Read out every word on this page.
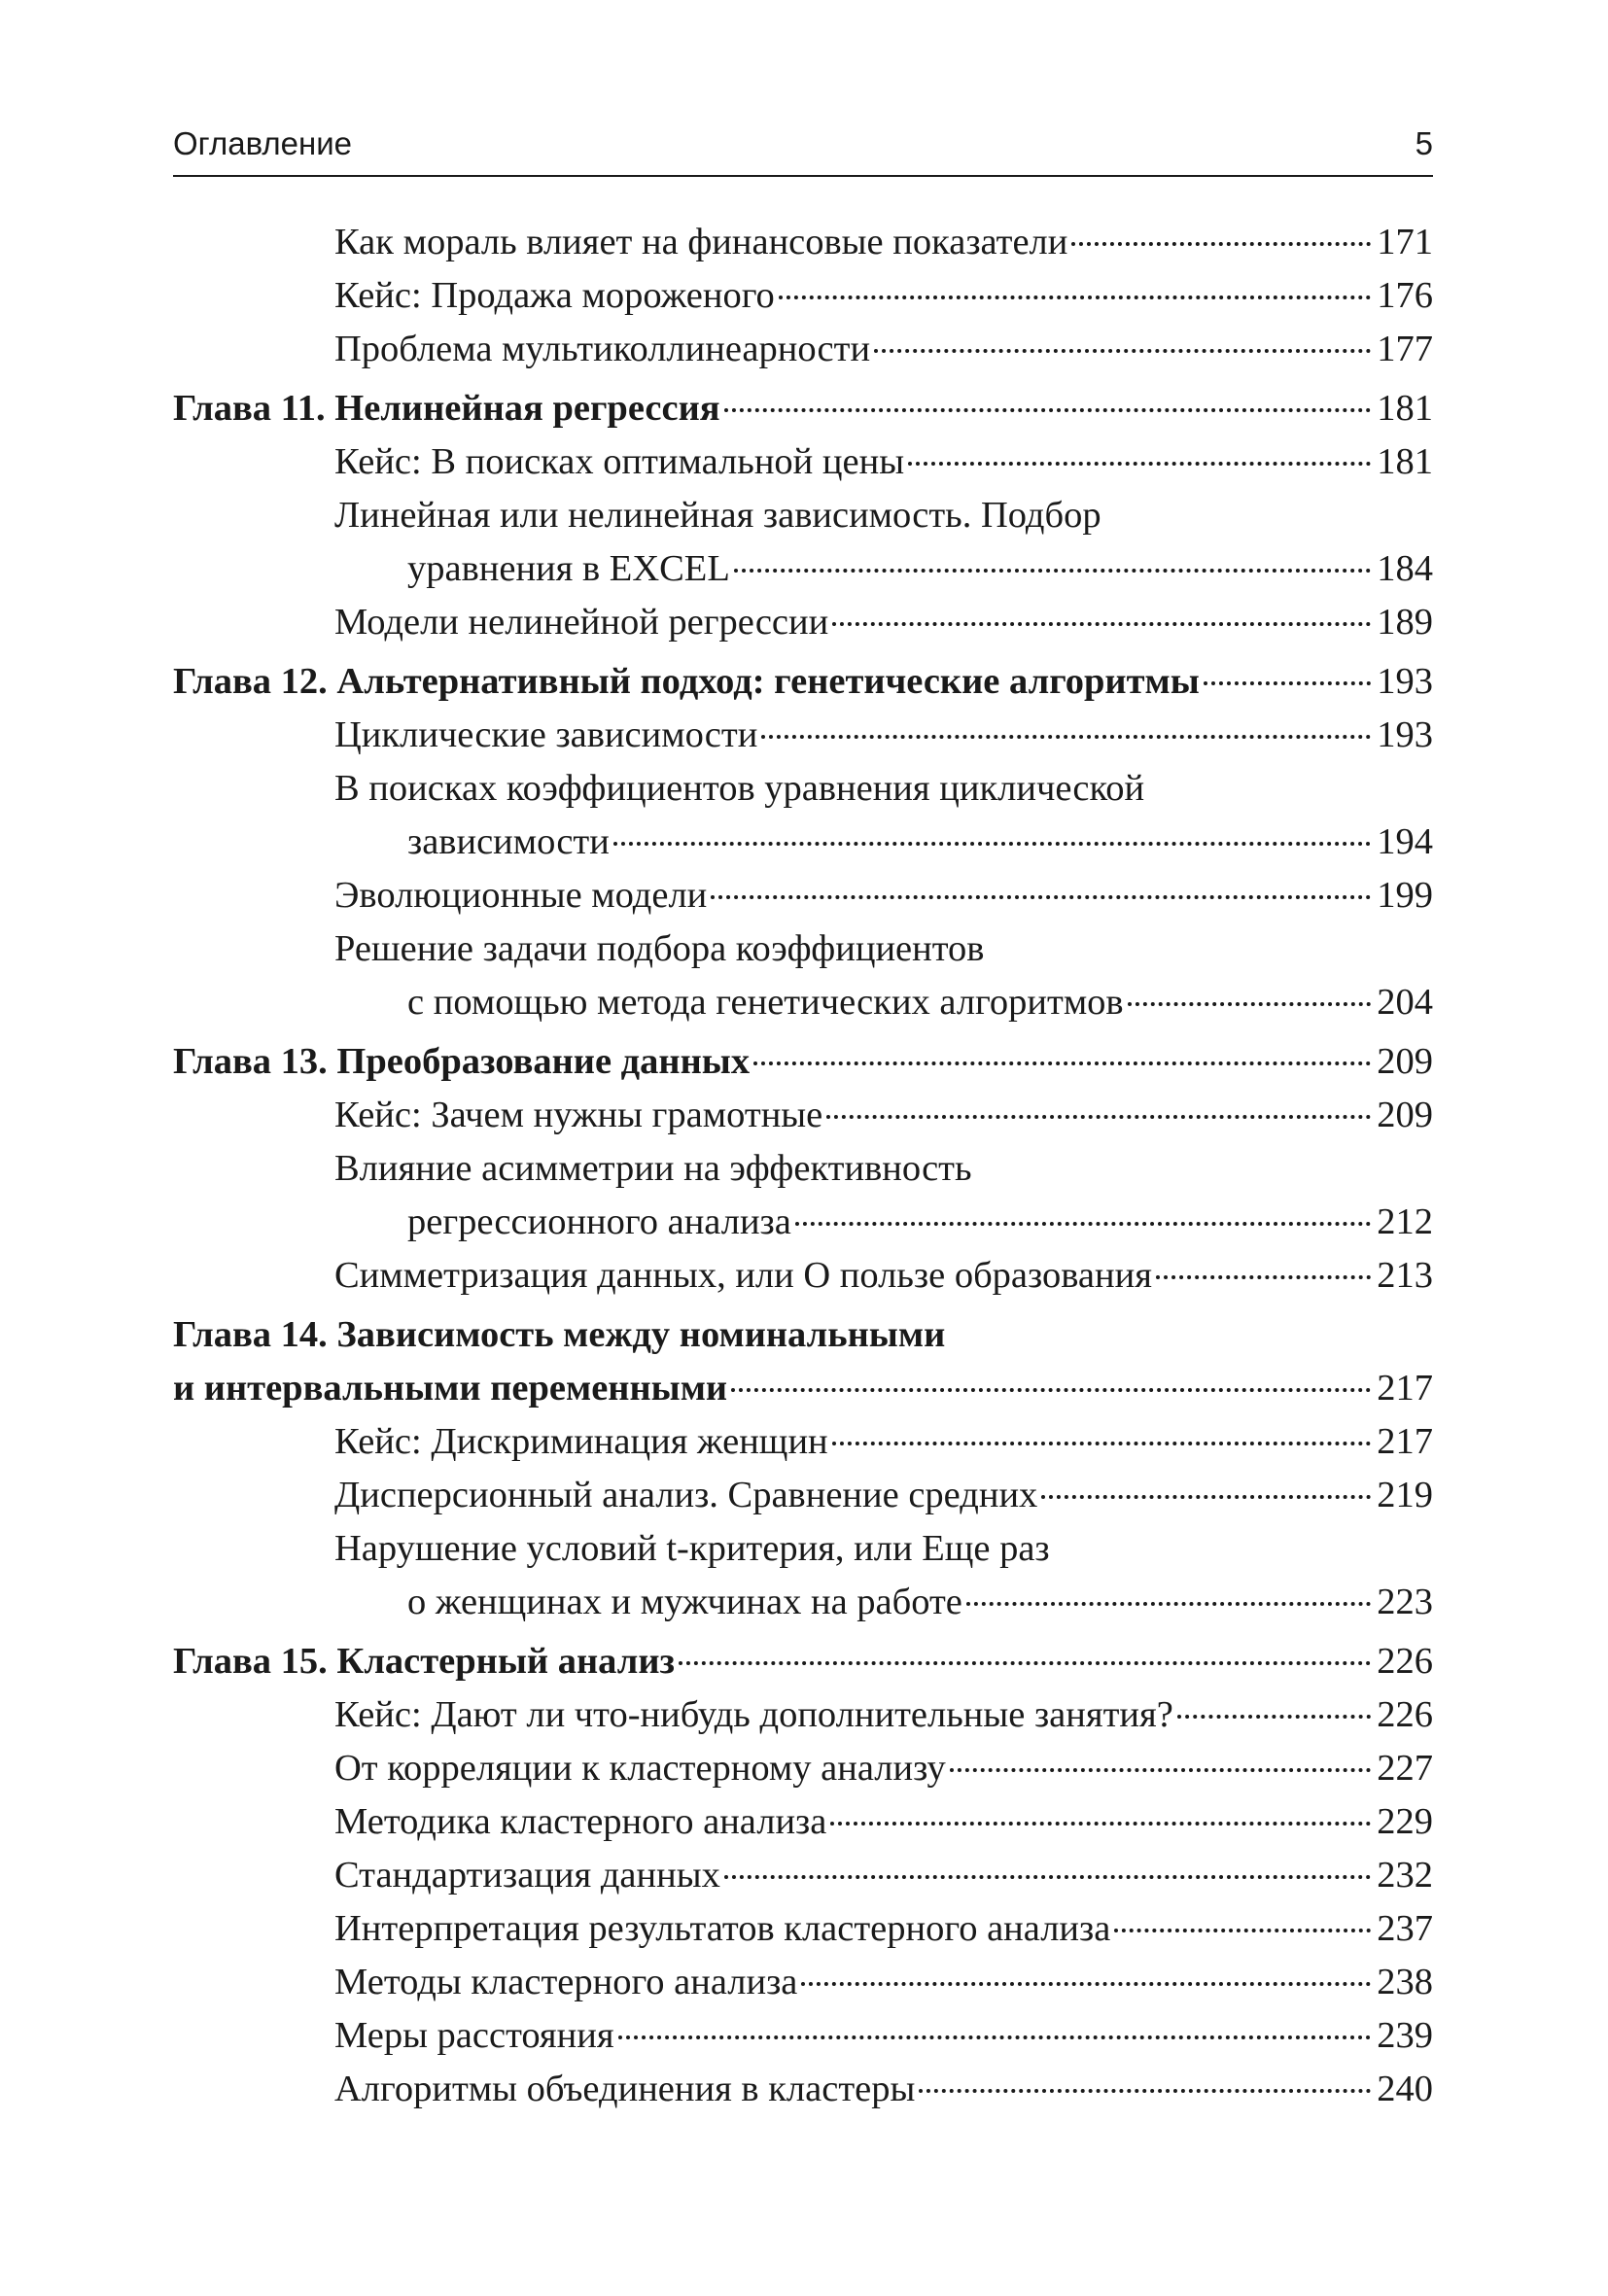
Оглавление	5
Как мораль влияет на финансовые показатели	171
Кейс: Продажа мороженого	176
Проблема мультиколлинеарности	177
Глава 11. Нелинейная регрессия	181
Кейс: В поисках оптимальной цены	181
Линейная или нелинейная зависимость. Подбор
уравнения в EXCEL	184
Модели нелинейной регрессии	189
Глава 12. Альтернативный подход: генетические алгоритмы	193
Циклические зависимости	193
В поисках коэффициентов уравнения циклической
зависимости	194
Эволюционные модели	199
Решение задачи подбора коэффициентов
с помощью метода генетических алгоритмов	204
Глава 13. Преобразование данных	209
Кейс: Зачем нужны грамотные	209
Влияние асимметрии на эффективность
регрессионного анализа	212
Симметризация данных, или О пользе образования	213
Глава 14. Зависимость между номинальными
и интервальными переменными	217
Кейс: Дискриминация женщин	217
Дисперсионный анализ. Сравнение средних	219
Нарушение условий t-критерия, или Еще раз
о женщинах и мужчинах на работе	223
Глава 15. Кластерный анализ	226
Кейс: Дают ли что-нибудь дополнительные занятия?	226
От корреляции к кластерному анализу	227
Методика кластерного анализа	229
Стандартизация данных	232
Интерпретация результатов кластерного анализа	237
Методы кластерного анализа	238
Меры расстояния	239
Алгоритмы объединения в кластеры	240
